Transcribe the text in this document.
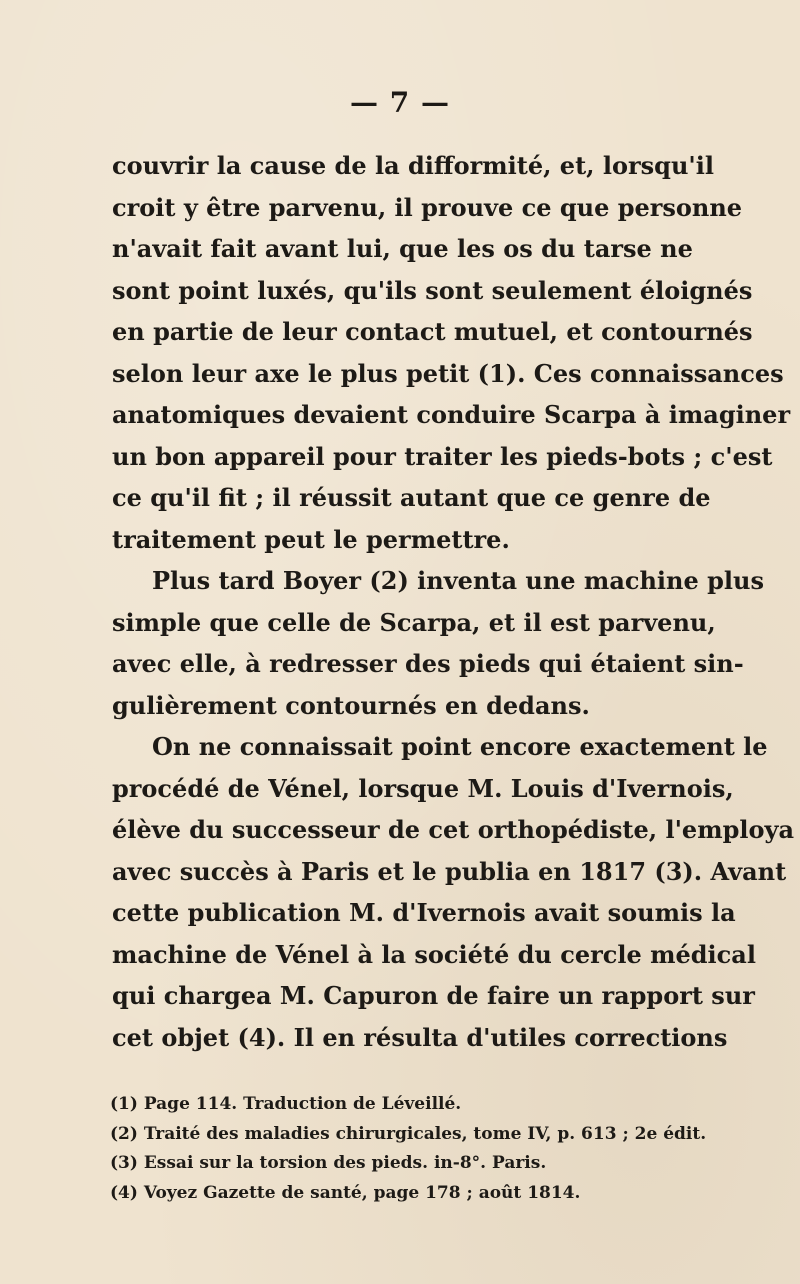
— 7 —
couvrir la cause de la difformité, et, lorsqu'il
croit y être parvenu, il prouve ce que personne
n'avait fait avant lui, que les os du tarse ne
sont point luxés, qu'ils sont seulement éloignés
en partie de leur contact mutuel, et contournés
selon leur axe le plus petit (1). Ces connaissances
anatomiques devaient conduire Scarpa à imaginer
un bon appareil pour traiter les pieds-bots ; c'est
ce qu'il fit ; il réussit autant que ce genre de
traitement peut le permettre.
Plus tard Boyer (2) inventa une machine plus
simple que celle de Scarpa, et il est parvenu,
avec elle, à redresser des pieds qui étaient sin-
gulièrement contournés en dedans.
On ne connaissait point encore exactement le
procédé de Vénel, lorsque M. Louis d'Ivernois,
élève du successeur de cet orthopédiste, l'employa
avec succès à Paris et le publia en 1817 (3). Avant
cette publication M. d'Ivernois avait soumis la
machine de Vénel à la société du cercle médical
qui chargea M. Capuron de faire un rapport sur
cet objet (4). Il en résulta d'utiles corrections
(1) Page 114. Traduction de Léveillé.
(2) Traité des maladies chirurgicales, tome IV, p. 613 ; 2e édit.
(3) Essai sur la torsion des pieds. in-8°. Paris.
(4) Voyez Gazette de santé, page 178 ; août 1814.
